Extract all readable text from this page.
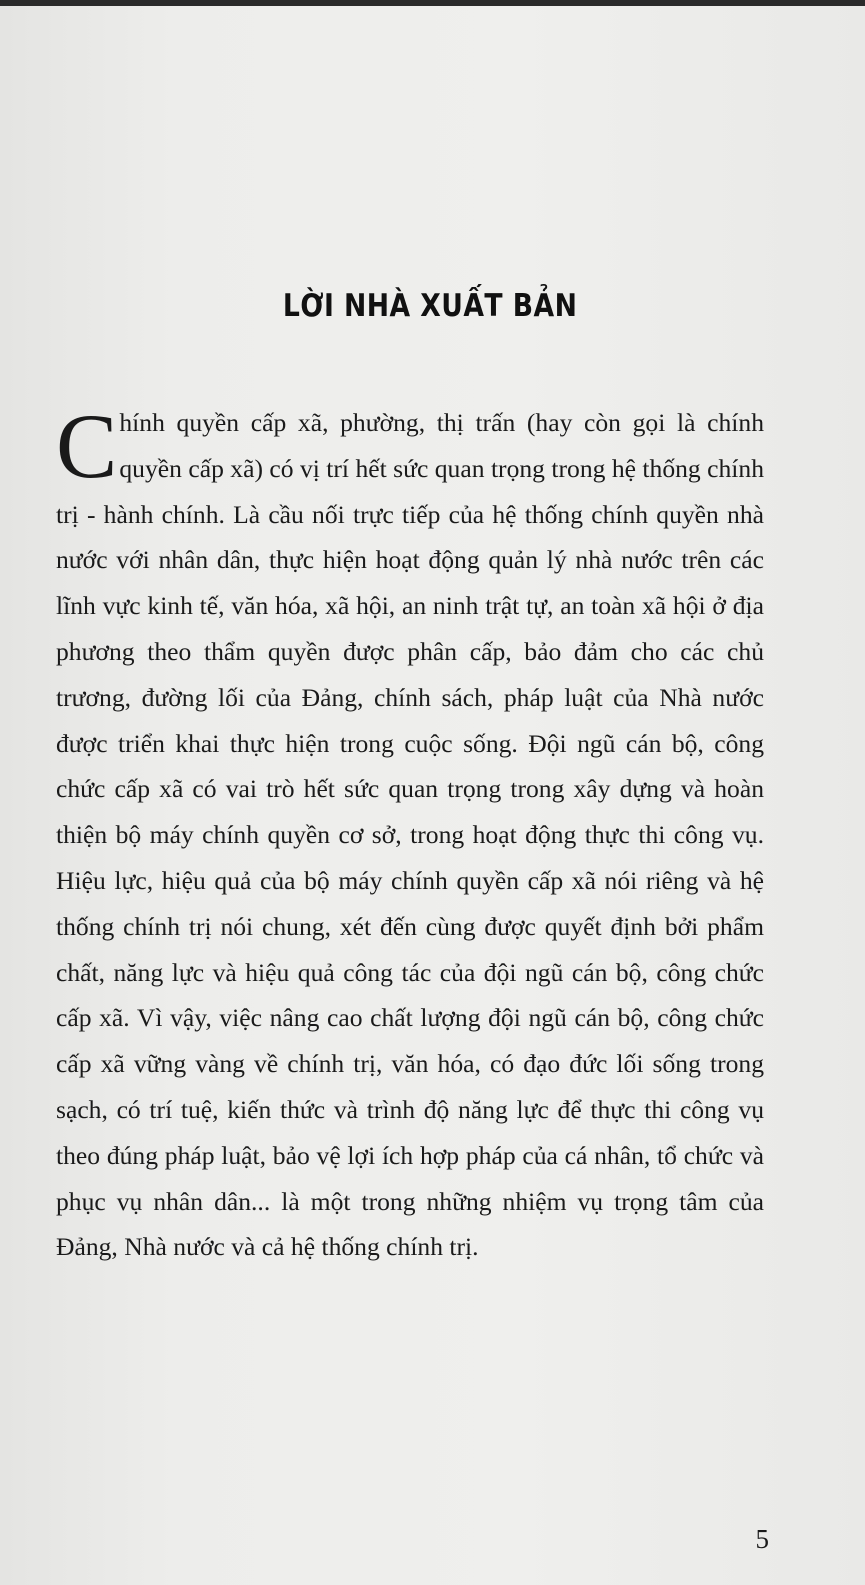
LỜI NHÀ XUẤT BẢN
Chính quyền cấp xã, phường, thị trấn (hay còn gọi là chính quyền cấp xã) có vị trí hết sức quan trọng trong hệ thống chính trị - hành chính. Là cầu nối trực tiếp của hệ thống chính quyền nhà nước với nhân dân, thực hiện hoạt động quản lý nhà nước trên các lĩnh vực kinh tế, văn hóa, xã hội, an ninh trật tự, an toàn xã hội ở địa phương theo thẩm quyền được phân cấp, bảo đảm cho các chủ trương, đường lối của Đảng, chính sách, pháp luật của Nhà nước được triển khai thực hiện trong cuộc sống. Đội ngũ cán bộ, công chức cấp xã có vai trò hết sức quan trọng trong xây dựng và hoàn thiện bộ máy chính quyền cơ sở, trong hoạt động thực thi công vụ. Hiệu lực, hiệu quả của bộ máy chính quyền cấp xã nói riêng và hệ thống chính trị nói chung, xét đến cùng được quyết định bởi phẩm chất, năng lực và hiệu quả công tác của đội ngũ cán bộ, công chức cấp xã. Vì vậy, việc nâng cao chất lượng đội ngũ cán bộ, công chức cấp xã vững vàng về chính trị, văn hóa, có đạo đức lối sống trong sạch, có trí tuệ, kiến thức và trình độ năng lực để thực thi công vụ theo đúng pháp luật, bảo vệ lợi ích hợp pháp của cá nhân, tổ chức và phục vụ nhân dân... là một trong những nhiệm vụ trọng tâm của Đảng, Nhà nước và cả hệ thống chính trị.
5
